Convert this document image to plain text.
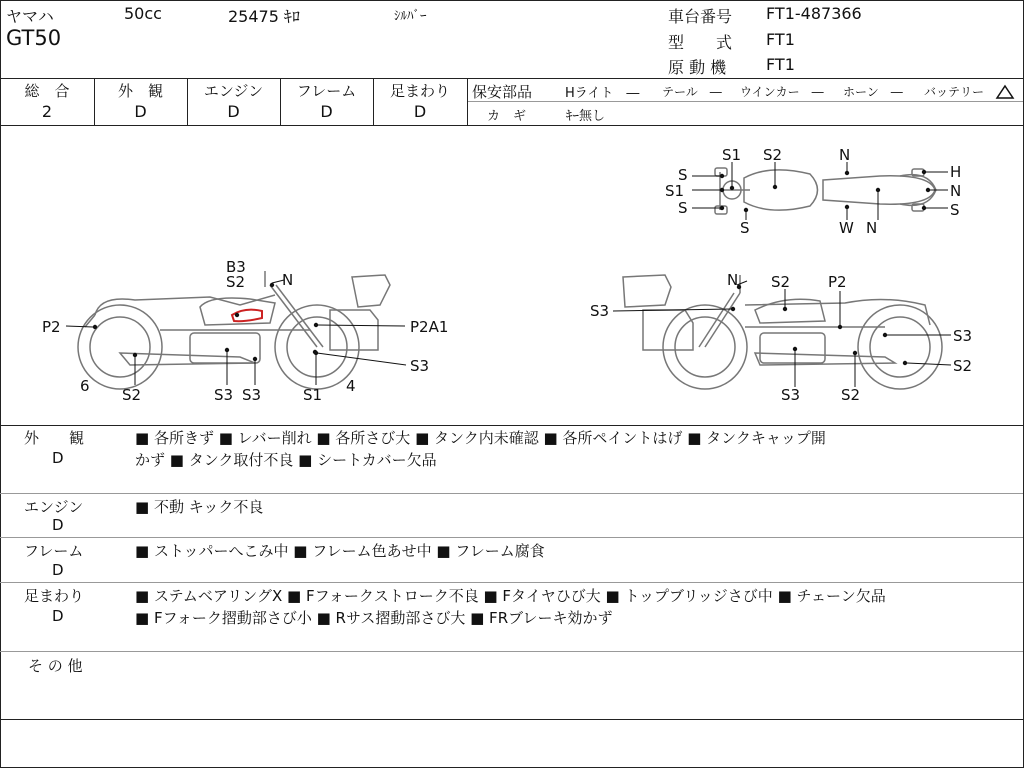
ヤマハ	50cc	25475 ｷﾛ	ｼﾙﾊﾞｰ
GT50
車台番号 FT1-487366
型　　式 FT1
原 動 機 FT1
総　合
2
外　観
D
エンジン
D
フレーム
D
足まわり
D
保安部品	Hライト　― テール　― ウインカー　― ホーン　― バッテリー
カ　ギ	ｷｰ無し
S1 S2	N
S
S1
S
S
H
N
S
W N
B3
S2 N
P2	P2A1
S3
6 S2	S3 S3	S1 4
N S2	P2
S3
S3
S2
S3	S2
外　　観
D
■ 各所きず ■ レバー削れ ■ 各所さび大 ■ タンク内未確認 ■ 各所ペイントはげ ■ タンクキャップ開
かず ■ タンク取付不良 ■ シートカバー欠品
エンジン
D
■ 不動 キック不良
フレーム
D
■ ストッパーへこみ中 ■ フレーム色あせ中 ■ フレーム腐食
足まわり
D
■ ステムベアリングX ■ Fフォークストローク不良 ■ Fタイヤひび大 ■ トップブリッジさび中 ■ チェーン欠品
■ Fフォーク摺動部さび小 ■ Rサス摺動部さび大 ■ FRブレーキ効かず
そ の 他
